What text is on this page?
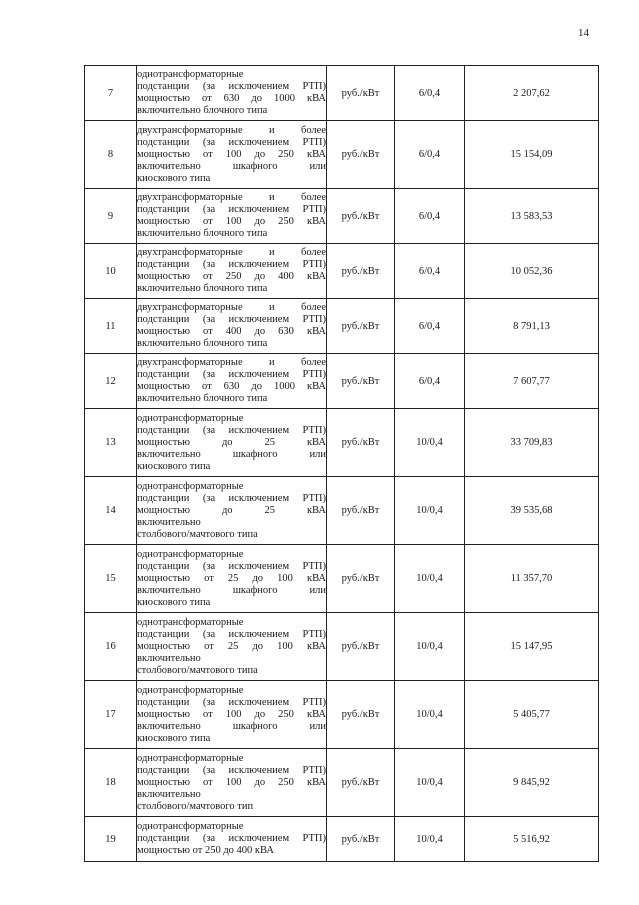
14
7	однотрансформаторные
подстанции (за исключением РТП)
мощностью от 630 до 1000 кВА
включительно блочного типа	руб./кВт	6/0,4	2 207,62
8	двухтрансформаторные и более
подстанции (за исключением РТП)
мощностью от 100 до 250 кВА
включительно шкафного или
киоскового типа	руб./кВт	6/0,4	15 154,09
9	двухтрансформаторные и более
подстанции (за исключением РТП)
мощностью от 100 до 250 кВА
включительно блочного типа	руб./кВт	6/0,4	13 583,53
10	двухтрансформаторные и более
подстанции (за исключением РТП)
мощностью от 250 до 400 кВА
включительно блочного типа	руб./кВт	6/0,4	10 052,36
11	двухтрансформаторные и более
подстанции (за исключением РТП)
мощностью от 400 до 630 кВА
включительно блочного типа	руб./кВт	6/0,4	8 791,13
12	двухтрансформаторные и более
подстанции (за исключением РТП)
мощностью от 630 до 1000 кВА
включительно блочного типа	руб./кВт	6/0,4	7 607,77
13	однотрансформаторные
подстанции (за исключением РТП)
мощностью до 25 кВА
включительно шкафного или
киоскового типа	руб./кВт	10/0,4	33 709,83
14	однотрансформаторные
подстанции (за исключением РТП)
мощностью до 25 кВА
включительно
столбового/мачтового типа	руб./кВт	10/0,4	39 535,68
15	однотрансформаторные
подстанции (за исключением РТП)
мощностью от 25 до 100 кВА
включительно шкафного или
киоскового типа	руб./кВт	10/0,4	11 357,70
16	однотрансформаторные
подстанции (за исключением РТП)
мощностью от 25 до 100 кВА
включительно
столбового/мачтового типа	руб./кВт	10/0,4	15 147,95
17	однотрансформаторные
подстанции (за исключением РТП)
мощностью от 100 до 250 кВА
включительно шкафного или
киоскового типа	руб./кВт	10/0,4	5 405,77
18	однотрансформаторные
подстанции (за исключением РТП)
мощностью от 100 до 250 кВА
включительно
столбового/мачтового тип	руб./кВт	10/0,4	9 845,92
19	однотрансформаторные
подстанции (за исключением РТП)
мощностью от 250 до 400 кВА	руб./кВт	10/0,4	5 516,92
